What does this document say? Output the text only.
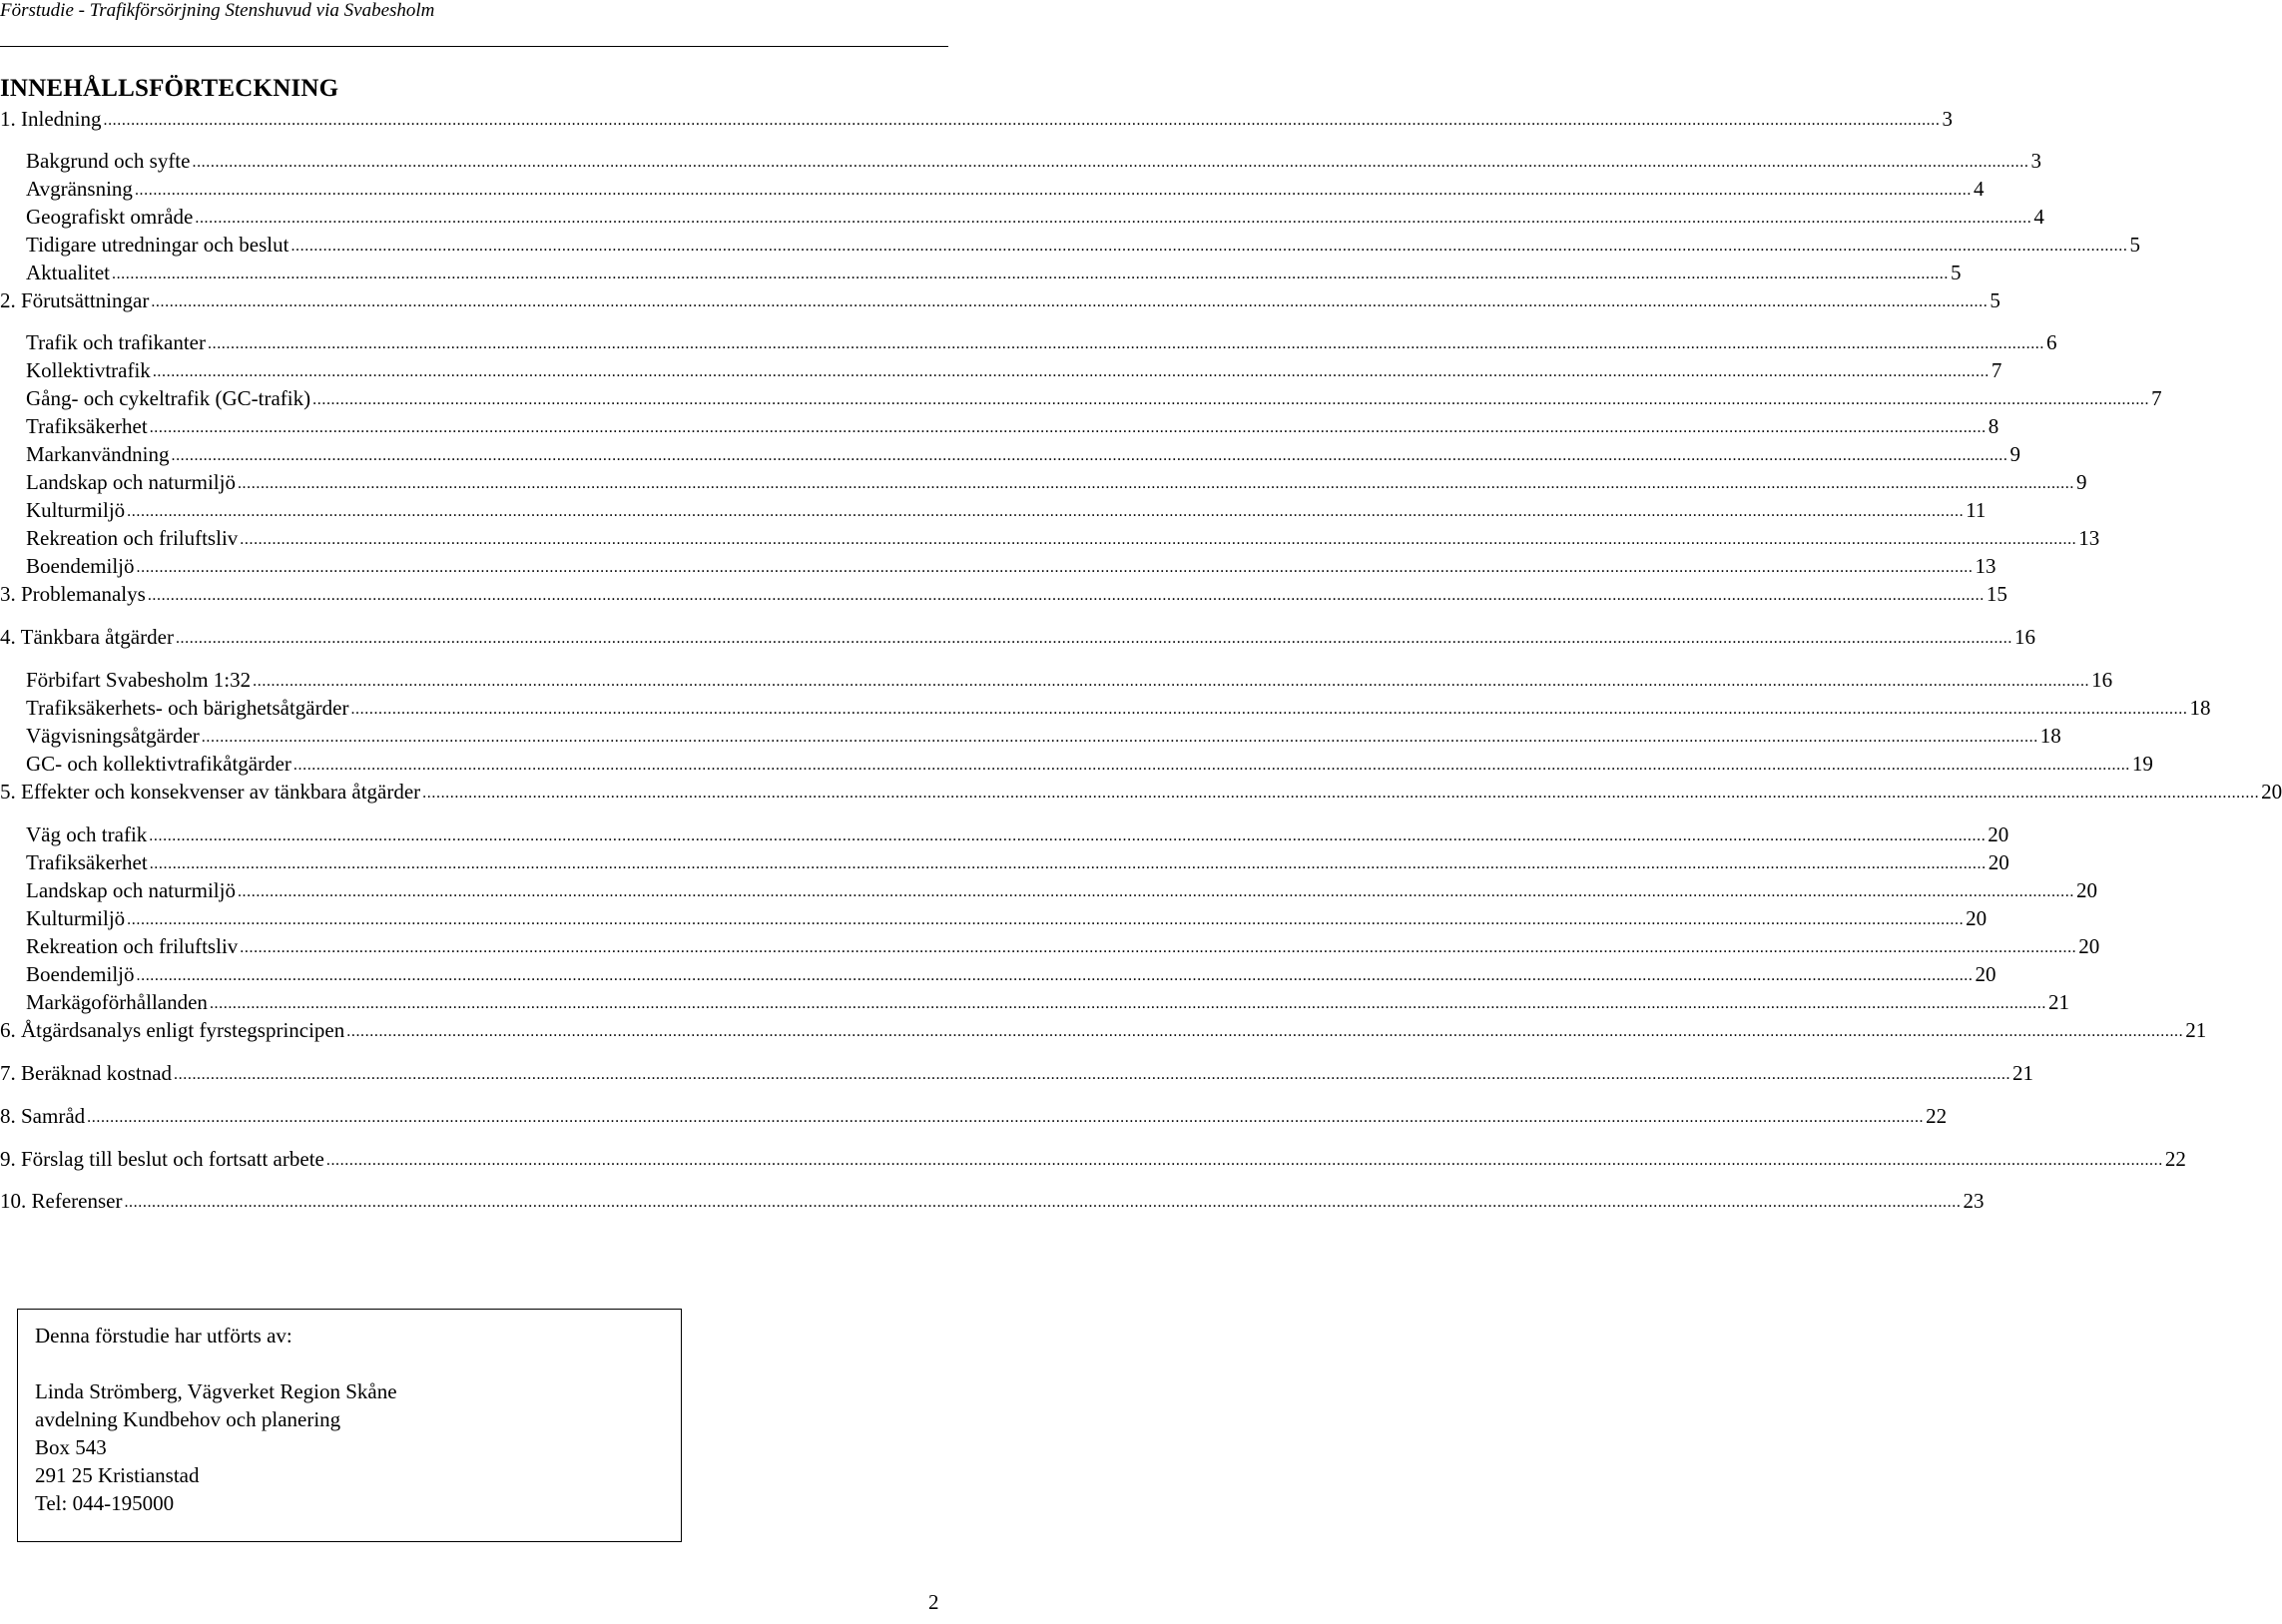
Förstudie - Trafikförsörjning Stenshuvud via Svabesholm
INNEHÅLLSFÖRTECKNING
1. Inledning ................................................................................................................................................................................................................................................................................................................................................................................................................ 3
Bakgrund och syfte ................................................................................................................................................................................................................................................................................................................................................................................................................ 3
Avgränsning ................................................................................................................................................................................................................................................................................................................................................................................................................ 4
Geografiskt område ................................................................................................................................................................................................................................................................................................................................................................................................................ 4
Tidigare utredningar och beslut ................................................................................................................................................................................................................................................................................................................................................................................................................ 5
Aktualitet ................................................................................................................................................................................................................................................................................................................................................................................................................ 5
2. Förutsättningar ................................................................................................................................................................................................................................................................................................................................................................................................................ 5
Trafik och trafikanter ................................................................................................................................................................................................................................................................................................................................................................................................................ 6
Kollektivtrafik ................................................................................................................................................................................................................................................................................................................................................................................................................ 7
Gång- och cykeltrafik (GC-trafik) ................................................................................................................................................................................................................................................................................................................................................................................................................ 7
Trafiksäkerhet ................................................................................................................................................................................................................................................................................................................................................................................................................ 8
Markanvändning ................................................................................................................................................................................................................................................................................................................................................................................................................ 9
Landskap och naturmiljö ................................................................................................................................................................................................................................................................................................................................................................................................................ 9
Kulturmiljö ................................................................................................................................................................................................................................................................................................................................................................................................................ 11
Rekreation och friluftsliv ................................................................................................................................................................................................................................................................................................................................................................................................................ 13
Boendemiljö ................................................................................................................................................................................................................................................................................................................................................................................................................ 13
3. Problemanalys ................................................................................................................................................................................................................................................................................................................................................................................................................ 15
4. Tänkbara åtgärder ................................................................................................................................................................................................................................................................................................................................................................................................................ 16
Förbifart Svabesholm 1:32 ................................................................................................................................................................................................................................................................................................................................................................................................................ 16
Trafiksäkerhets- och bärighetsåtgärder ................................................................................................................................................................................................................................................................................................................................................................................................................ 18
Vägvisningsåtgärder ................................................................................................................................................................................................................................................................................................................................................................................................................ 18
GC- och kollektivtrafikåtgärder ................................................................................................................................................................................................................................................................................................................................................................................................................ 19
5. Effekter och konsekvenser av tänkbara åtgärder ................................................................................................................................................................................................................................................................................................................................................................................................................ 20
Väg och trafik ................................................................................................................................................................................................................................................................................................................................................................................................................ 20
Trafiksäkerhet ................................................................................................................................................................................................................................................................................................................................................................................................................ 20
Landskap och naturmiljö ................................................................................................................................................................................................................................................................................................................................................................................................................ 20
Kulturmiljö ................................................................................................................................................................................................................................................................................................................................................................................................................ 20
Rekreation och friluftsliv ................................................................................................................................................................................................................................................................................................................................................................................................................ 20
Boendemiljö ................................................................................................................................................................................................................................................................................................................................................................................................................ 20
Markägoförhållanden ................................................................................................................................................................................................................................................................................................................................................................................................................ 21
6. Åtgärdsanalys enligt fyrstegsprincipen ................................................................................................................................................................................................................................................................................................................................................................................................................ 21
7. Beräknad kostnad ................................................................................................................................................................................................................................................................................................................................................................................................................ 21
8. Samråd ................................................................................................................................................................................................................................................................................................................................................................................................................ 22
9. Förslag till beslut och fortsatt arbete ................................................................................................................................................................................................................................................................................................................................................................................................................ 22
10. Referenser ................................................................................................................................................................................................................................................................................................................................................................................................................ 23
Denna förstudie har utförts av:
Linda Strömberg, Vägverket Region Skåne
avdelning Kundbehov och planering
Box 543
291 25 Kristianstad
Tel: 044-195000
2
